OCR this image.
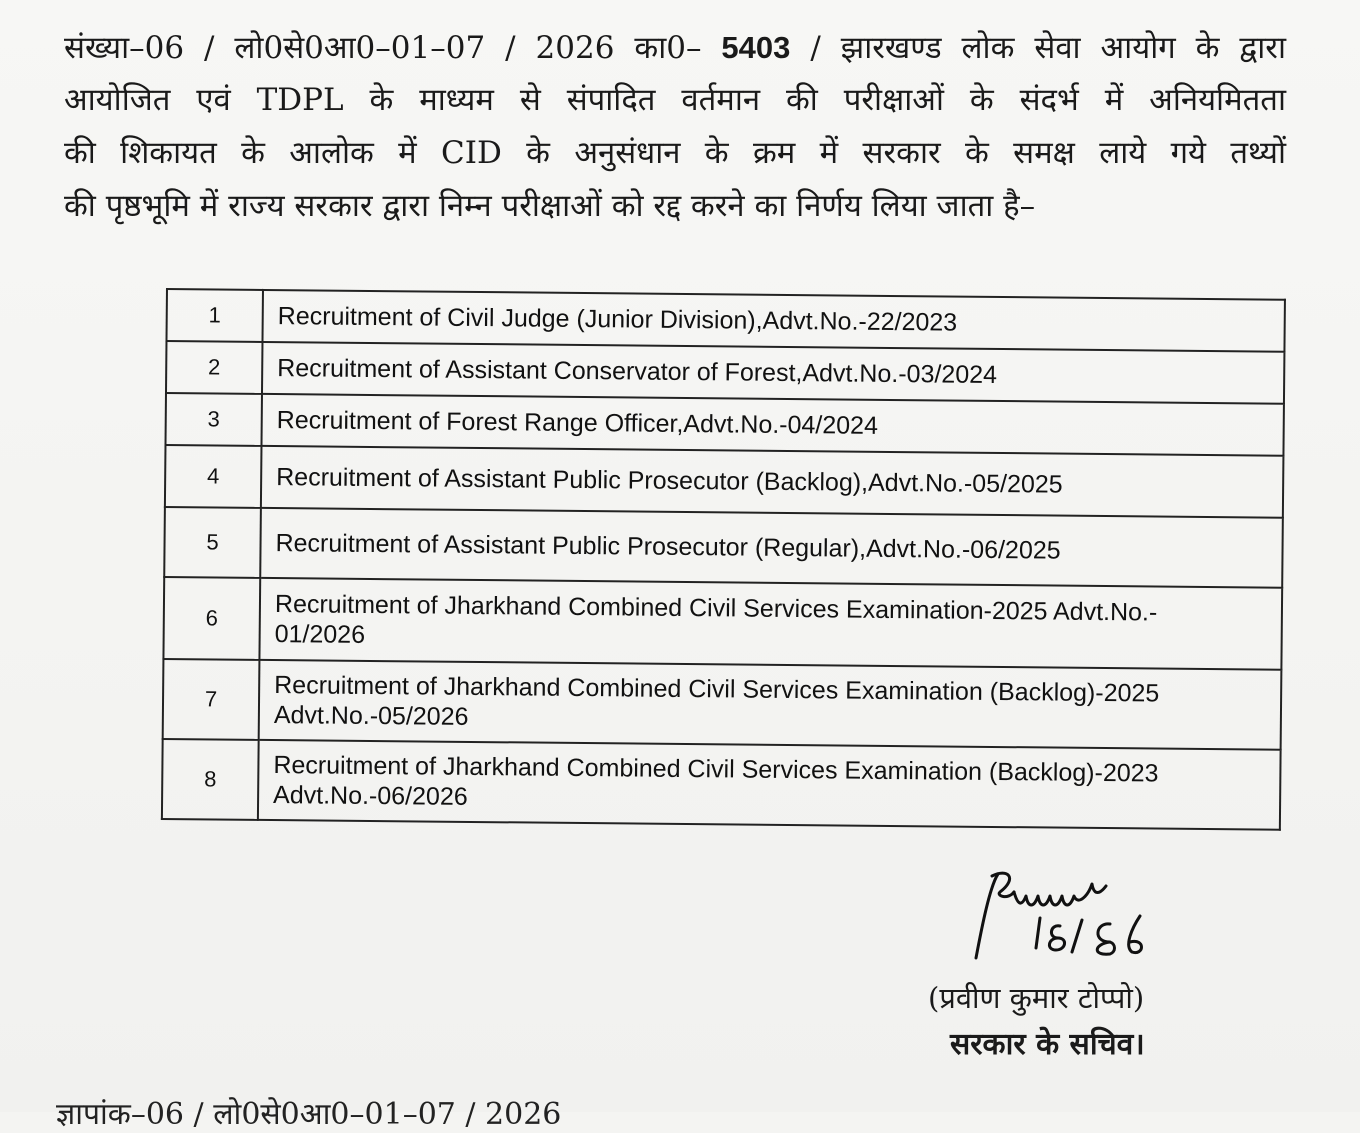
संख्या–06 / लो0से0आ0–01–07 / 2026 का0– 5403 / झारखण्ड लोक सेवा आयोग के द्वारा
आयोजित एवं TDPL के माध्यम से संपादित वर्तमान की परीक्षाओं के संदर्भ में अनियमितता
की शिकायत के आलोक में CID के अनुसंधान के क्रम में सरकार के समक्ष लाये गये तथ्यों
की पृष्ठभूमि में राज्य सरकार द्वारा निम्न परीक्षाओं को रद्द करने का निर्णय लिया जाता है–
1	Recruitment of Civil Judge (Junior Division),Advt.No.-22/2023
2	Recruitment of Assistant Conservator of Forest,Advt.No.-03/2024
3	Recruitment of Forest Range Officer,Advt.No.-04/2024
4	Recruitment of Assistant Public Prosecutor (Backlog),Advt.No.-05/2025
5	Recruitment of Assistant Public Prosecutor (Regular),Advt.No.-06/2025
6	Recruitment of Jharkhand Combined Civil Services Examination-2025 Advt.No.-
01/2026
7	Recruitment of Jharkhand Combined Civil Services Examination (Backlog)-2025
Advt.No.-05/2026
8	Recruitment of Jharkhand Combined Civil Services Examination (Backlog)-2023
Advt.No.-06/2026
(प्रवीण कुमार टोप्पो)
सरकार के सचिव।
ज्ञापांक–06 / लो0से0आ0–01–07 / 2026
